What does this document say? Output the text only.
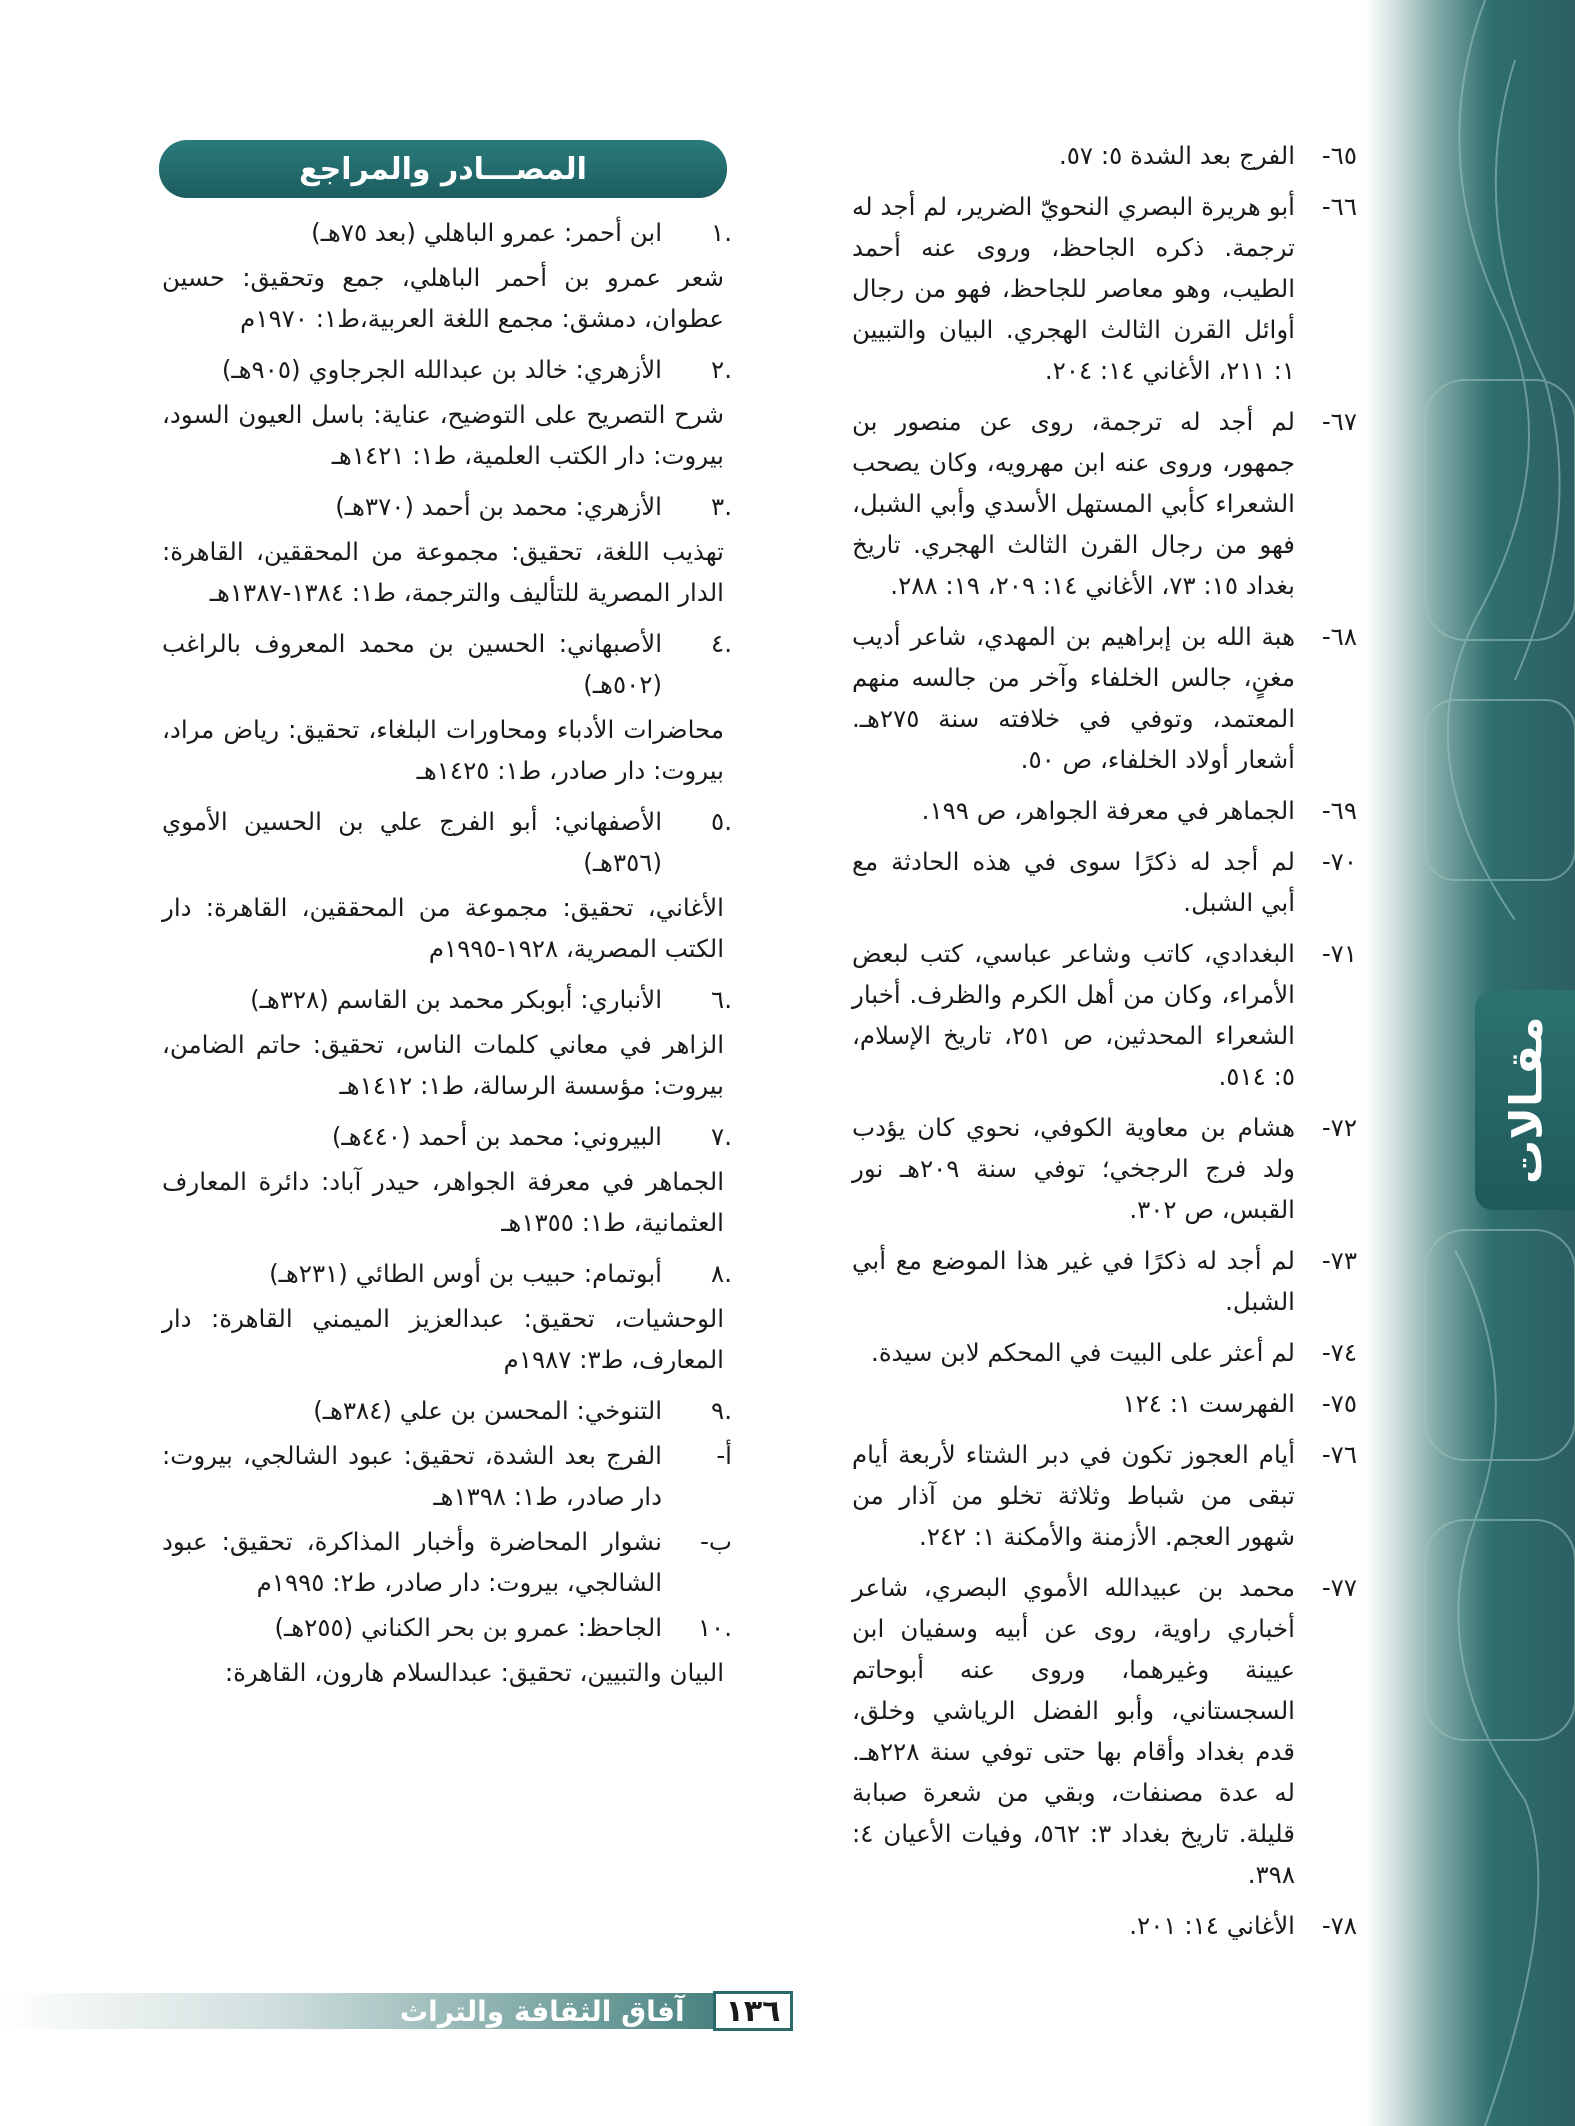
مقـالات
٦٥-
الفرج بعد الشدة ٥: ٥٧.
٦٦-
أبو هريرة البصري النحويّ الضرير، لم أجد له ترجمة. ذكره الجاحظ، وروى عنه أحمد الطيب، وهو معاصر للجاحظ، فهو من رجال أوائل القرن الثالث الهجري. البيان والتبيين ١: ٢١١، الأغاني ١٤: ٢٠٤.
٦٧-
لم أجد له ترجمة، روى عن منصور بن جمهور، وروى عنه ابن مهرويه، وكان يصحب الشعراء كأبي المستهل الأسدي وأبي الشبل، فهو من رجال القرن الثالث الهجري. تاريخ بغداد ١٥: ٧٣، الأغاني ١٤: ٢٠٩، ١٩: ٢٨٨.
٦٨-
هبة الله بن إبراهيم بن المهدي، شاعر أديب مغنٍ، جالس الخلفاء وآخر من جالسه منهم المعتمد، وتوفي في خلافته سنة ٢٧٥هـ. أشعار أولاد الخلفاء، ص ٥٠.
٦٩-
الجماهر في معرفة الجواهر، ص ١٩٩.
٧٠-
لم أجد له ذكرًا سوى في هذه الحادثة مع أبي الشبل.
٧١-
البغدادي، كاتب وشاعر عباسي، كتب لبعض الأمراء، وكان من أهل الكرم والظرف. أخبار الشعراء المحدثين، ص ٢٥١، تاريخ الإسلام، ٥: ٥١٤.
٧٢-
هشام بن معاوية الكوفي، نحوي كان يؤدب ولد فرج الرجخي؛ توفي سنة ٢٠٩هـ نور القبس، ص ٣٠٢.
٧٣-
لم أجد له ذكرًا في غير هذا الموضع مع أبي الشبل.
٧٤-
لم أعثر على البيت في المحكم لابن سيدة.
٧٥-
الفهرست ١: ١٢٤
٧٦-
أيام العجوز تكون في دبر الشتاء لأربعة أيام تبقى من شباط وثلاثة تخلو من آذار من شهور العجم. الأزمنة والأمكنة ١: ٢٤٢.
٧٧-
محمد بن عبيدالله الأموي البصري، شاعر أخباري راوية، روى عن أبيه وسفيان ابن عيينة وغيرهما، وروى عنه أبوحاتم السجستاني، وأبو الفضل الرياشي وخلق، قدم بغداد وأقام بها حتى توفي سنة ٢٢٨هـ. له عدة مصنفات، وبقي من شعرة صبابة قليلة. تاريخ بغداد ٣: ٥٦٢، وفيات الأعيان ٤: ٣٩٨.
٧٨-
الأغاني ١٤: ٢٠١.
المصـــادر والمراجع
.١
ابن أحمر: عمرو الباهلي (بعد ٧٥هـ)
شعر عمرو بن أحمر الباهلي، جمع وتحقيق: حسين عطوان، دمشق: مجمع اللغة العربية،ط١: ١٩٧٠م
.٢
الأزهري: خالد بن عبدالله الجرجاوي (٩٠٥هـ)
شرح التصريح على التوضيح، عناية: باسل العيون السود، بيروت: دار الكتب العلمية، ط١: ١٤٢١هـ
.٣
الأزهري: محمد بن أحمد (٣٧٠هـ)
تهذيب اللغة، تحقيق: مجموعة من المحققين، القاهرة: الدار المصرية للتأليف والترجمة، ط١: ١٣٨٤-١٣٨٧هـ
.٤
الأصبهاني: الحسين بن محمد المعروف بالراغب (٥٠٢هـ)
محاضرات الأدباء ومحاورات البلغاء، تحقيق: رياض مراد، بيروت: دار صادر، ط١: ١٤٢٥هـ
.٥
الأصفهاني: أبو الفرج علي بن الحسين الأموي (٣٥٦هـ)
الأغاني، تحقيق: مجموعة من المحققين، القاهرة: دار الكتب المصرية، ١٩٢٨-١٩٩٥م
.٦
الأنباري: أبوبكر محمد بن القاسم (٣٢٨هـ)
الزاهر في معاني كلمات الناس، تحقيق: حاتم الضامن، بيروت: مؤسسة الرسالة، ط١: ١٤١٢هـ
.٧
البيروني: محمد بن أحمد (٤٤٠هـ)
الجماهر في معرفة الجواهر، حيدر آباد: دائرة المعارف العثمانية، ط١: ١٣٥٥هـ
.٨
أبوتمام: حبيب بن أوس الطائي (٢٣١هـ)
الوحشيات، تحقيق: عبدالعزيز الميمني القاهرة: دار المعارف، ط٣: ١٩٨٧م
.٩
التنوخي: المحسن بن علي (٣٨٤هـ)
أ-
الفرج بعد الشدة، تحقيق: عبود الشالجي، بيروت: دار صادر، ط١: ١٣٩٨هـ
ب-
نشوار المحاضرة وأخبار المذاكرة، تحقيق: عبود الشالجي، بيروت: دار صادر، ط٢: ١٩٩٥م
.١٠
الجاحظ: عمرو بن بحر الكناني (٢٥٥هـ)
البيان والتبيين، تحقيق: عبدالسلام هارون، القاهرة:
آفاق الثقافة والتراث	١٣٦
